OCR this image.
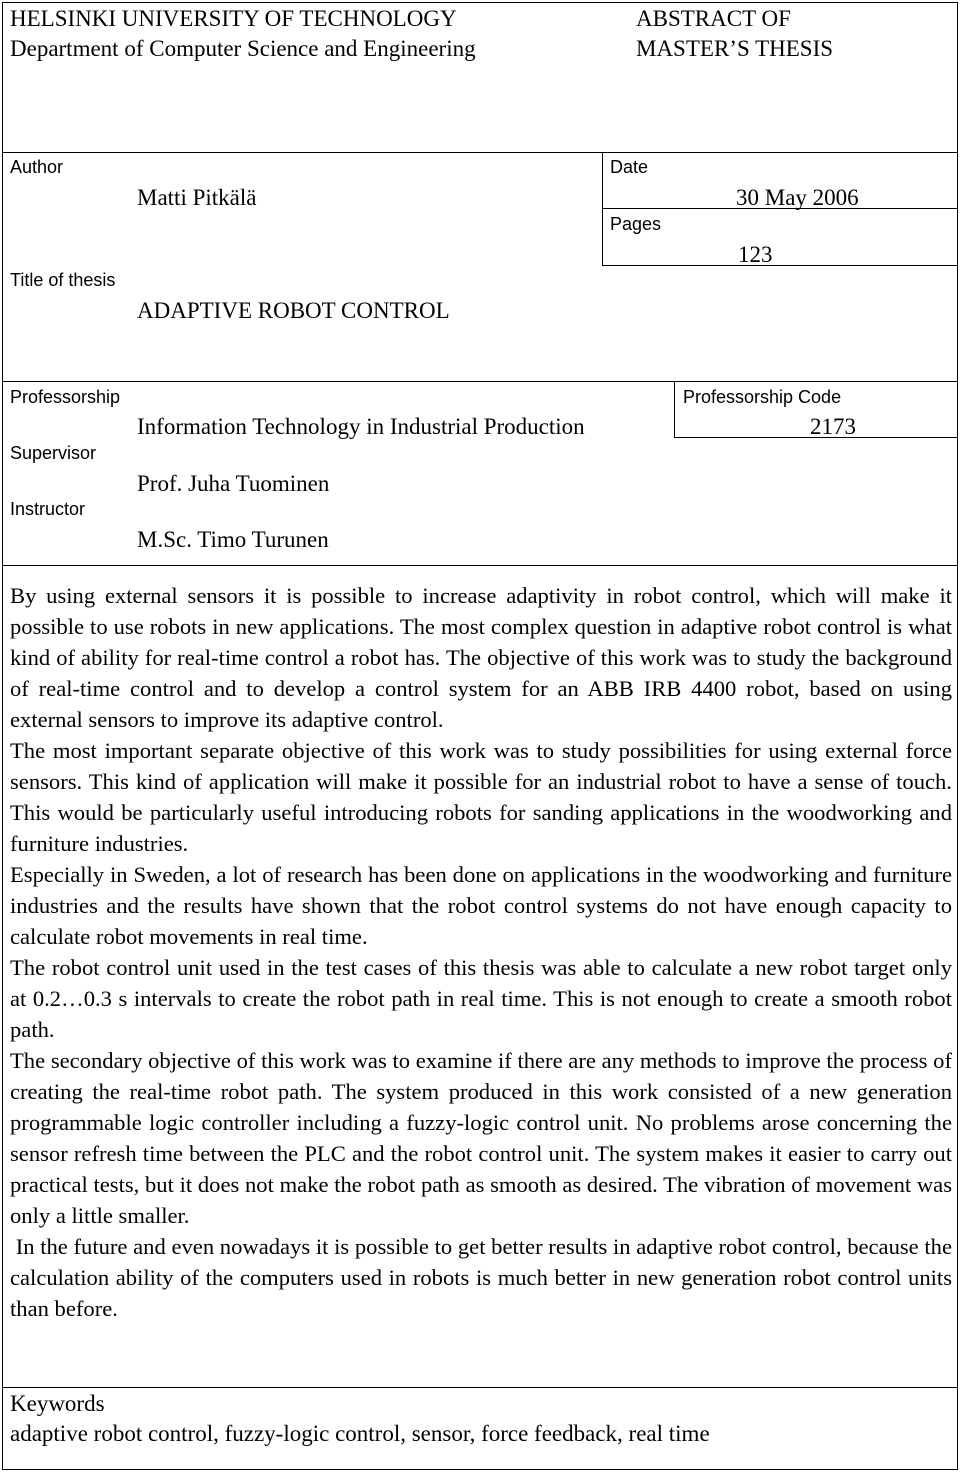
HELSINKI UNIVERSITY OF TECHNOLOGY
Department of Computer Science and Engineering
ABSTRACT OF
MASTER’S THESIS
Author
Matti Pitkälä
Date
30 May 2006
Pages
123
Title of thesis
ADAPTIVE ROBOT CONTROL
Professorship
Information Technology in Industrial Production
Professorship Code
2173
Supervisor
Prof. Juha Tuominen
Instructor
M.Sc. Timo Turunen

By using external sensors it is possible to increase adaptivity in robot control, which will make it possible to use robots in new applications. The most complex question in adaptive robot control is what kind of ability for real-time control a robot has. The objective of this work was to study the background of real-time control and to develop a control system for an ABB IRB 4400 robot, based on using external sensors to improve its adaptive control.

The most important separate objective of this work was to study possibilities for using external force sensors. This kind of application will make it possible for an industrial robot to have a sense of touch. This would be particularly useful introducing robots for sanding applications in the woodworking and furniture industries.

Especially in Sweden, a lot of research has been done on applications in the woodworking and furniture industries and the results have shown that the robot control systems do not have enough capacity to calculate robot movements in real time.

The robot control unit used in the test cases of this thesis was able to calculate a new robot target only at 0.2…0.3 s intervals to create the robot path in real time. This is not enough to create a smooth robot path.

The secondary objective of this work was to examine if there are any methods to improve the process of creating the real-time robot path. The system produced in this work consisted of a new generation programmable logic controller including a fuzzy-logic control unit. No problems arose concerning the sensor refresh time between the PLC and the robot control unit. The system makes it easier to carry out practical tests, but it does not make the robot path as smooth as desired. The vibration of movement was only a little smaller.

In the future and even nowadays it is possible to get better results in adaptive robot control, because the calculation ability of the computers used in robots is much better in new generation robot control units than before.

Keywords
adaptive robot control, fuzzy-logic control, sensor, force feedback, real time
